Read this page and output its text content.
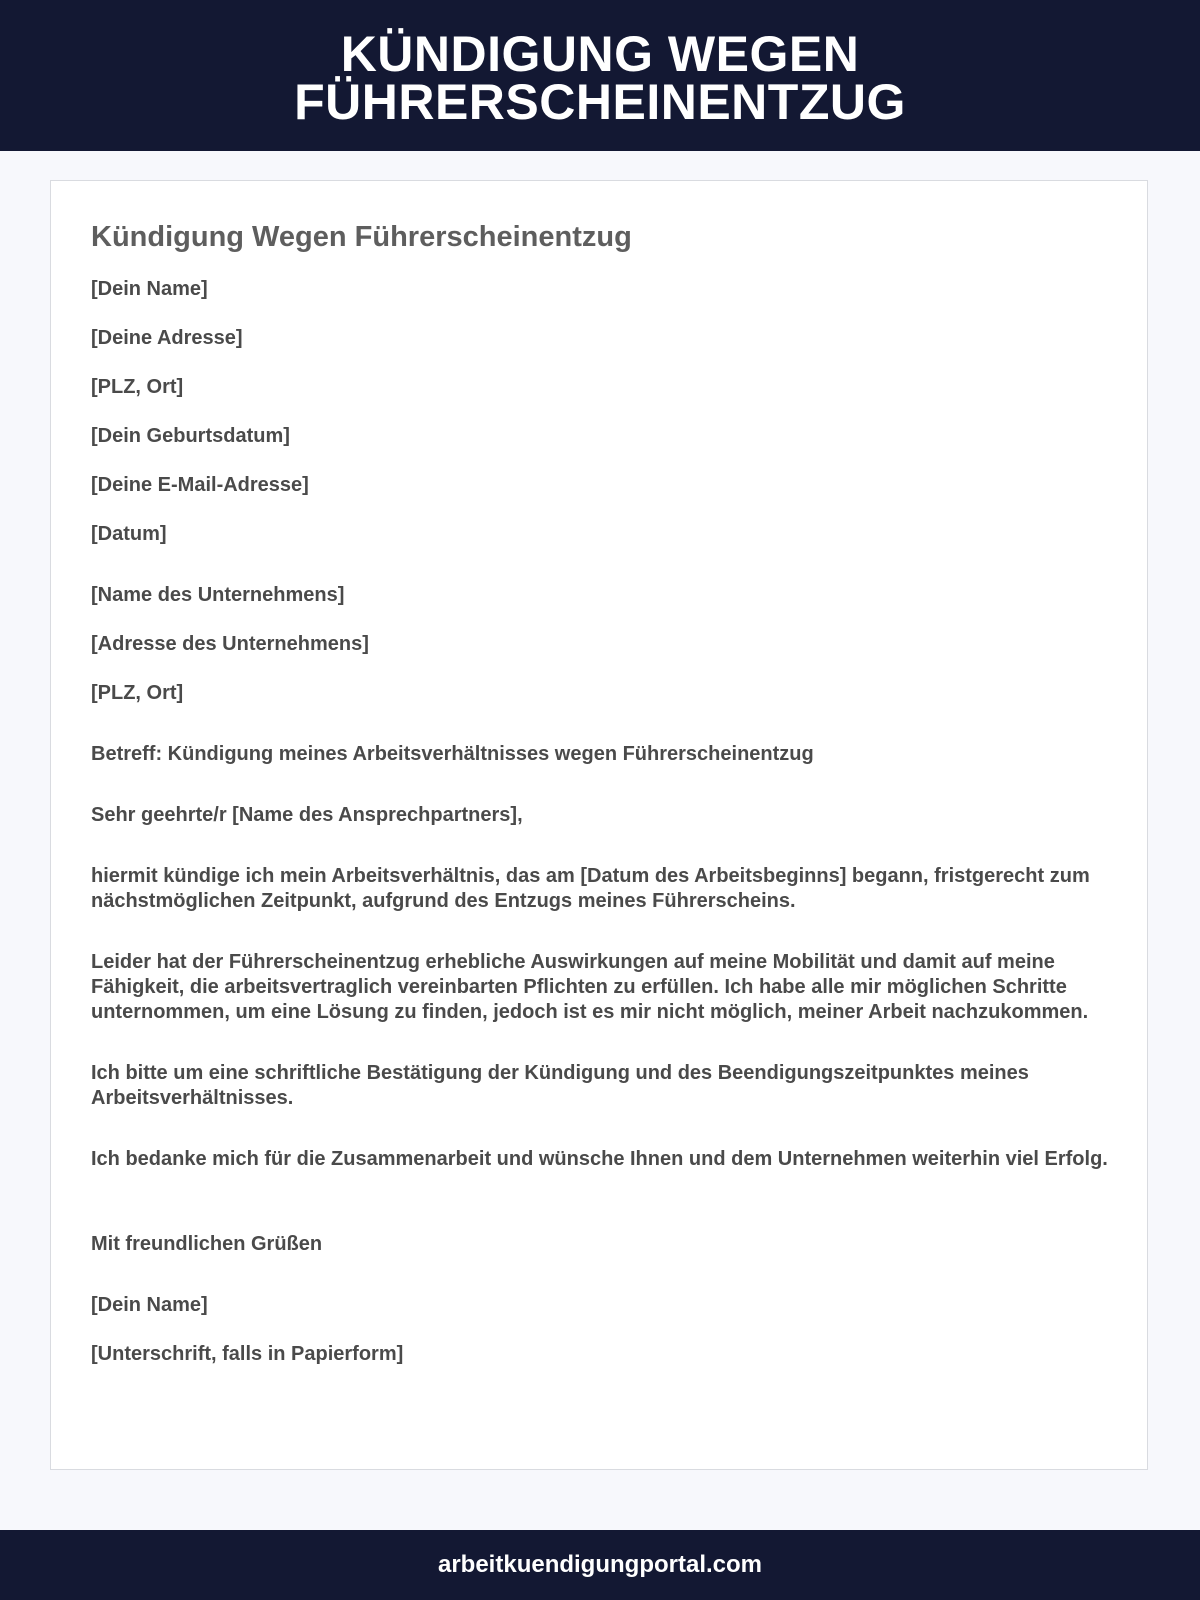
KÜNDIGUNG WEGEN FÜHRERSCHEINENTZUG
Kündigung Wegen Führerscheinentzug

[Dein Name]

[Deine Adresse]

[PLZ, Ort]

[Dein Geburtsdatum]

[Deine E-Mail-Adresse]

[Datum]

[Name des Unternehmens]

[Adresse des Unternehmens]

[PLZ, Ort]

Betreff: Kündigung meines Arbeitsverhältnisses wegen Führerscheinentzug

Sehr geehrte/r [Name des Ansprechpartners],

hiermit kündige ich mein Arbeitsverhältnis, das am [Datum des Arbeitsbeginns] begann, fristgerecht zum nächstmöglichen Zeitpunkt, aufgrund des Entzugs meines Führerscheins.

Leider hat der Führerscheinentzug erhebliche Auswirkungen auf meine Mobilität und damit auf meine Fähigkeit, die arbeitsvertraglich vereinbarten Pflichten zu erfüllen. Ich habe alle mir möglichen Schritte unternommen, um eine Lösung zu finden, jedoch ist es mir nicht möglich, meiner Arbeit nachzukommen.

Ich bitte um eine schriftliche Bestätigung der Kündigung und des Beendigungszeitpunktes meines Arbeitsverhältnisses.

Ich bedanke mich für die Zusammenarbeit und wünsche Ihnen und dem Unternehmen weiterhin viel Erfolg.

Mit freundlichen Grüßen

[Dein Name]

[Unterschrift, falls in Papierform]

arbeitkuendigungportal.com
